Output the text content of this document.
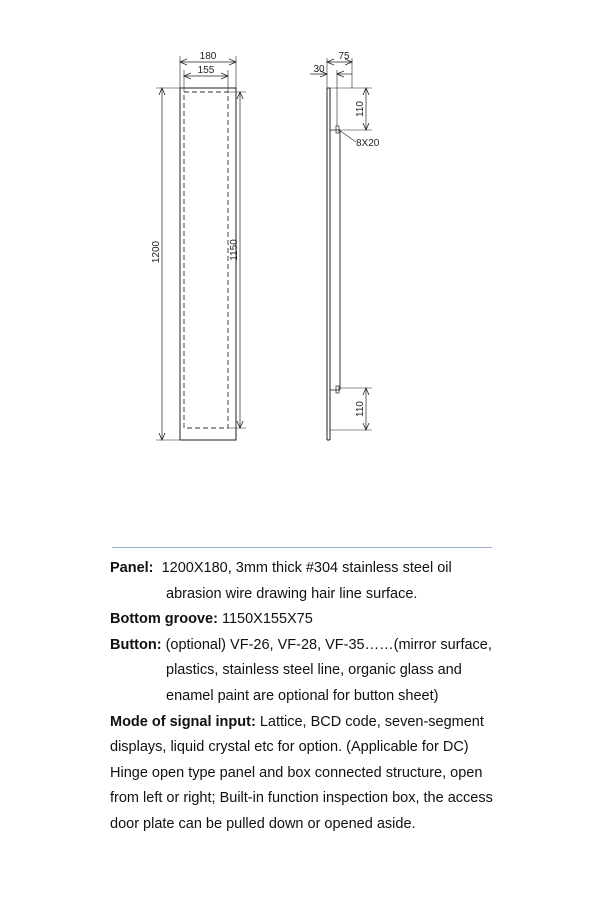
180
155
1200	1150
75
30
110
8X20
110

Panel: 1200X180, 3mm thick #304 stainless steel oil

abrasion wire drawing hair line surface.

Bottom groove: 1150X155X75

Button: (optional) VF-26, VF-28, VF-35……(mirror surface,

plastics, stainless steel line, organic glass and

enamel paint are optional for button sheet)

Mode of signal input: Lattice, BCD code, seven-segment

displays, liquid crystal etc for option. (Applicable for DC)

Hinge open type panel and box connected structure, open

from left or right; Built-in function inspection box, the access

door plate can be pulled down or opened aside.
